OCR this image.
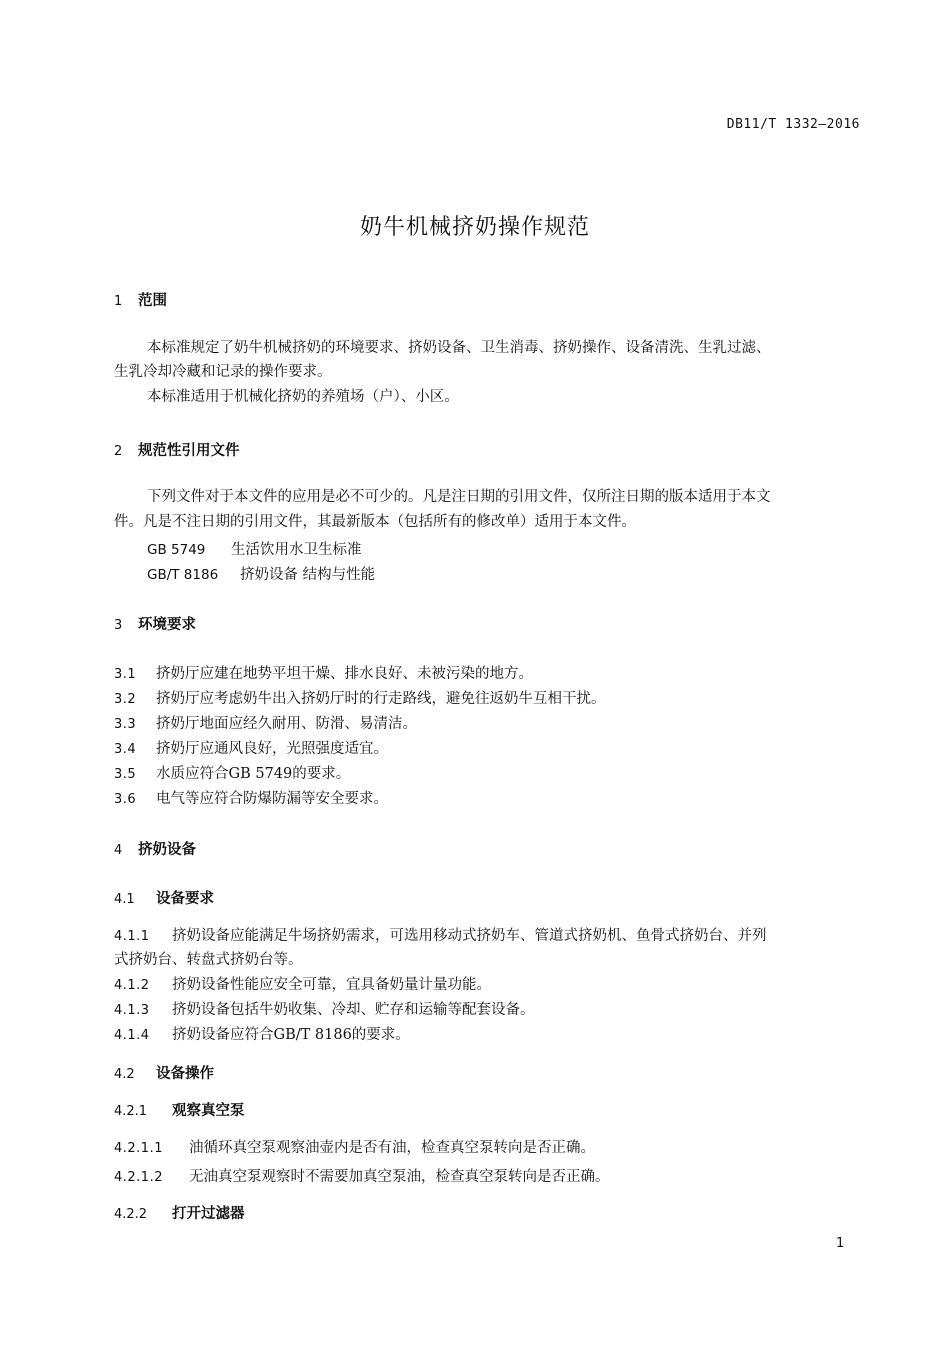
DB11/T 1332—2016
奶牛机械挤奶操作规范
1 范围
本标准规定了奶牛机械挤奶的环境要求、挤奶设备、卫生消毒、挤奶操作、设备清洗、生乳过滤、
生乳冷却冷藏和记录的操作要求。
本标准适用于机械化挤奶的养殖场（户）、小区。
2 规范性引用文件
下列文件对于本文件的应用是必不可少的。凡是注日期的引用文件，仅所注日期的版本适用于本文
件。凡是不注日期的引用文件，其最新版本（包括所有的修改单）适用于本文件。
GB 5749 生活饮用水卫生标准
GB/T 8186 挤奶设备 结构与性能
3 环境要求
3.1 挤奶厅应建在地势平坦干燥、排水良好、未被污染的地方。
3.2 挤奶厅应考虑奶牛出入挤奶厅时的行走路线，避免往返奶牛互相干扰。
3.3 挤奶厅地面应经久耐用、防滑、易清洁。
3.4 挤奶厅应通风良好，光照强度适宜。
3.5 水质应符合GB 5749的要求。
3.6 电气等应符合防爆防漏等安全要求。
4 挤奶设备
4.1 设备要求
4.1.1 挤奶设备应能满足牛场挤奶需求，可选用移动式挤奶车、管道式挤奶机、鱼骨式挤奶台、并列
式挤奶台、转盘式挤奶台等。
4.1.2 挤奶设备性能应安全可靠，宜具备奶量计量功能。
4.1.3 挤奶设备包括牛奶收集、冷却、贮存和运输等配套设备。
4.1.4 挤奶设备应符合GB/T 8186的要求。
4.2 设备操作
4.2.1 观察真空泵
4.2.1.1 油循环真空泵观察油壶内是否有油，检查真空泵转向是否正确。
4.2.1.2 无油真空泵观察时不需要加真空泵油，检查真空泵转向是否正确。
4.2.2 打开过滤器
1
